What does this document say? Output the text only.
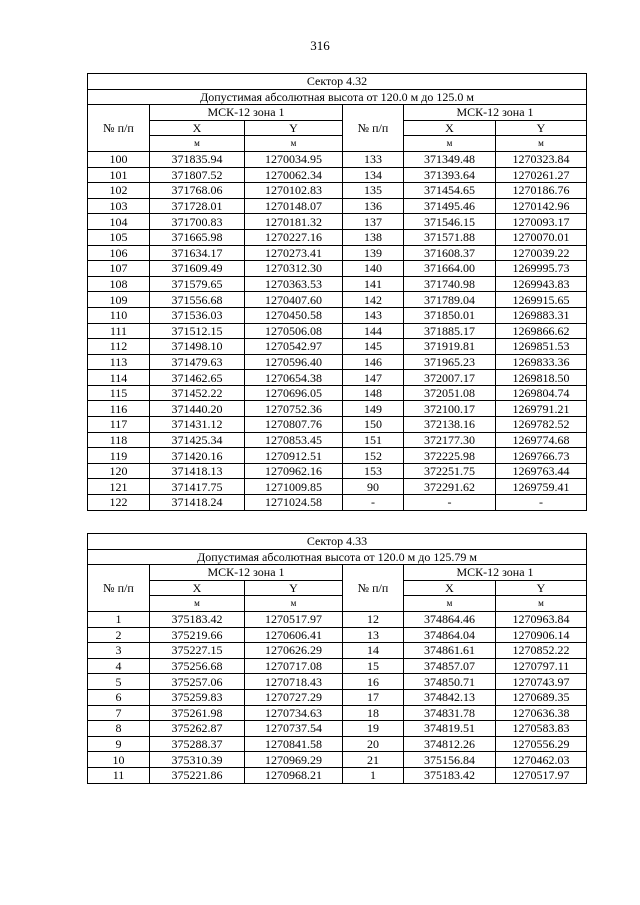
316
Сектор 4.32					
Допустимая абсолютная высота от 120.0 м до 125.0 м					
№ п/п	МСК-12 зона 1		№ п/п	МСК-12 зона 1	
	X	Y		X	Y
	м	м		м	м
100	371835.94	1270034.95	133	371349.48	1270323.84
101	371807.52	1270062.34	134	371393.64	1270261.27
102	371768.06	1270102.83	135	371454.65	1270186.76
103	371728.01	1270148.07	136	371495.46	1270142.96
104	371700.83	1270181.32	137	371546.15	1270093.17
105	371665.98	1270227.16	138	371571.88	1270070.01
106	371634.17	1270273.41	139	371608.37	1270039.22
107	371609.49	1270312.30	140	371664.00	1269995.73
108	371579.65	1270363.53	141	371740.98	1269943.83
109	371556.68	1270407.60	142	371789.04	1269915.65
110	371536.03	1270450.58	143	371850.01	1269883.31
111	371512.15	1270506.08	144	371885.17	1269866.62
112	371498.10	1270542.97	145	371919.81	1269851.53
113	371479.63	1270596.40	146	371965.23	1269833.36
114	371462.65	1270654.38	147	372007.17	1269818.50
115	371452.22	1270696.05	148	372051.08	1269804.74
116	371440.20	1270752.36	149	372100.17	1269791.21
117	371431.12	1270807.76	150	372138.16	1269782.52
118	371425.34	1270853.45	151	372177.30	1269774.68
119	371420.16	1270912.51	152	372225.98	1269766.73
120	371418.13	1270962.16	153	372251.75	1269763.44
121	371417.75	1271009.85	90	372291.62	1269759.41
122	371418.24	1271024.58	-	-	-
Сектор 4.33					
Допустимая абсолютная высота от 120.0 м до 125.79 м					
№ п/п	МСК-12 зона 1		№ п/п	МСК-12 зона 1	
	X	Y		X	Y
	м	м		м	м
1	375183.42	1270517.97	12	374864.46	1270963.84
2	375219.66	1270606.41	13	374864.04	1270906.14
3	375227.15	1270626.29	14	374861.61	1270852.22
4	375256.68	1270717.08	15	374857.07	1270797.11
5	375257.06	1270718.43	16	374850.71	1270743.97
6	375259.83	1270727.29	17	374842.13	1270689.35
7	375261.98	1270734.63	18	374831.78	1270636.38
8	375262.87	1270737.54	19	374819.51	1270583.83
9	375288.37	1270841.58	20	374812.26	1270556.29
10	375310.39	1270969.29	21	375156.84	1270462.03
11	375221.86	1270968.21	1	375183.42	1270517.97
